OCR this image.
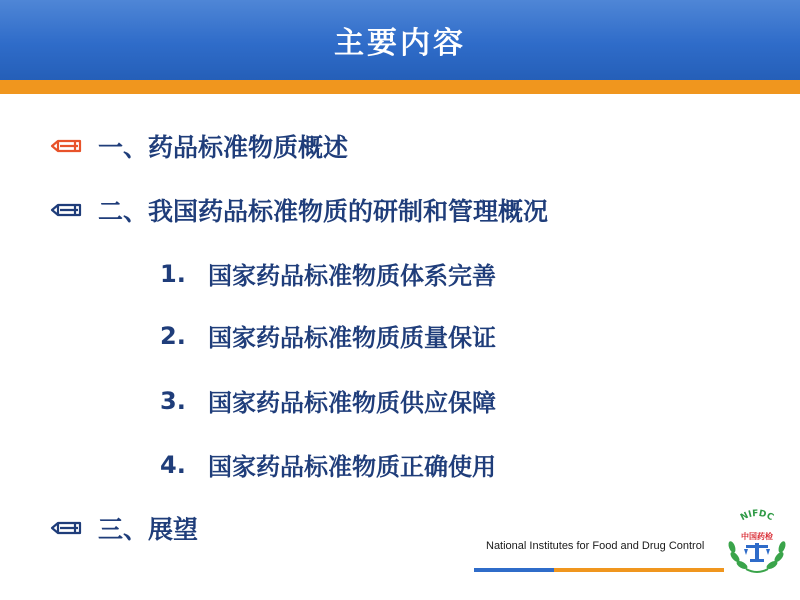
主要内容
一、药品标准物质概述
二、我国药品标准物质的研制和管理概况
1. 国家药品标准物质体系完善
2. 国家药品标准物质质量保证
3. 国家药品标准物质供应保障
4. 国家药品标准物质正确使用
三、展望
National Institutes for Food and Drug Control
NIFDC
中国药检
